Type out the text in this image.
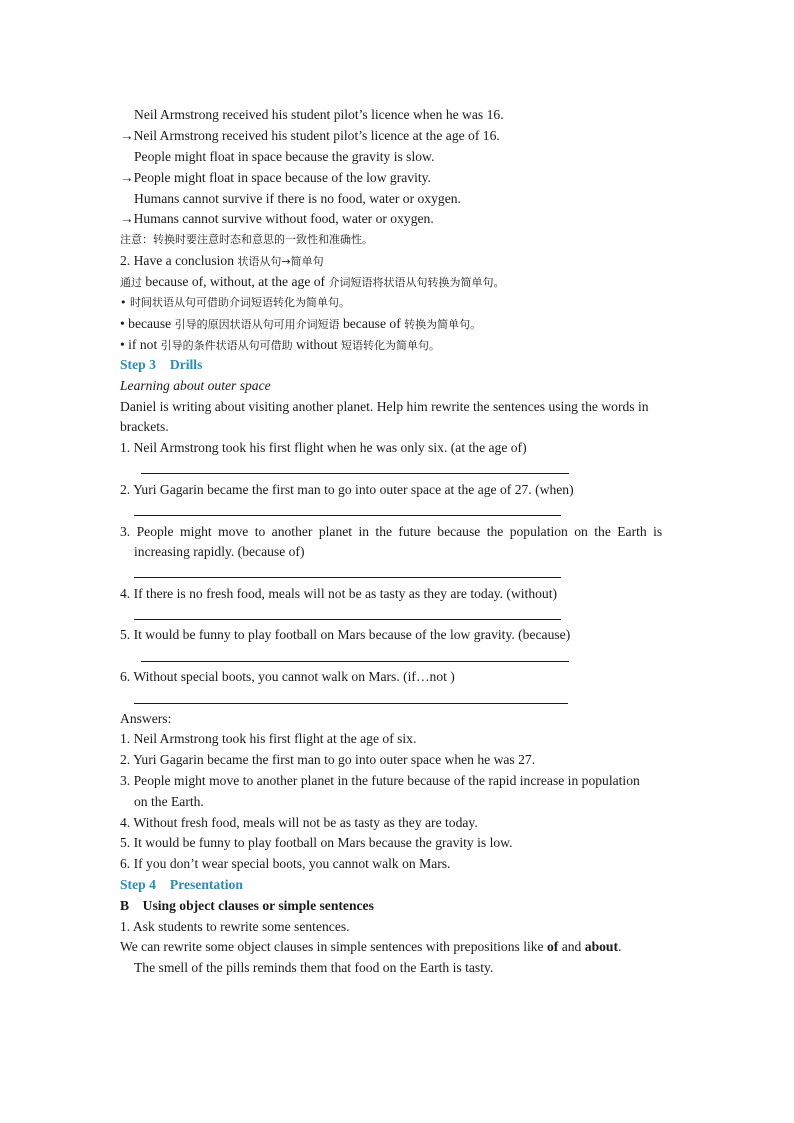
Neil Armstrong received his student pilot’s licence when he was 16.
→Neil Armstrong received his student pilot’s licence at the age of 16.
People might float in space because the gravity is slow.
→People might float in space because of the low gravity.
Humans cannot survive if there is no food, water or oxygen.
→Humans cannot survive without food, water or oxygen.
注意：转换时要注意时态和意思的一致性和准确性。
2. Have a conclusion 状语从句→简单句
通过 because of, without, at the age of 介词短语将状语从句转换为简单句。
• 时间状语从句可借助介词短语转化为简单句。
• because 引导的原因状语从句可用介词短语 because of 转换为简单句。
• if not 引导的条件状语从句可借助 without 短语转化为简单句。
Step 3 Drills
Learning about outer space
Daniel is writing about visiting another planet. Help him rewrite the sentences using the words in
brackets.
1. Neil Armstrong took his first flight when he was only six. (at the age of)
2. Yuri Gagarin became the first man to go into outer space at the age of 27. (when)
3. People might move to another planet in the future because the population on the Earth is
increasing rapidly. (because of)
4. If there is no fresh food, meals will not be as tasty as they are today. (without)
5. It would be funny to play football on Mars because of the low gravity. (because)
6. Without special boots, you cannot walk on Mars. (if…not )
Answers:
1. Neil Armstrong took his first flight at the age of six.
2. Yuri Gagarin became the first man to go into outer space when he was 27.
3. People might move to another planet in the future because of the rapid increase in population
on the Earth.
4. Without fresh food, meals will not be as tasty as they are today.
5. It would be funny to play football on Mars because the gravity is low.
6. If you don’t wear special boots, you cannot walk on Mars.
Step 4 Presentation
B    Using object clauses or simple sentences
1. Ask students to rewrite some sentences.
We can rewrite some object clauses in simple sentences with prepositions like of and about.
The smell of the pills reminds them that food on the Earth is tasty.
